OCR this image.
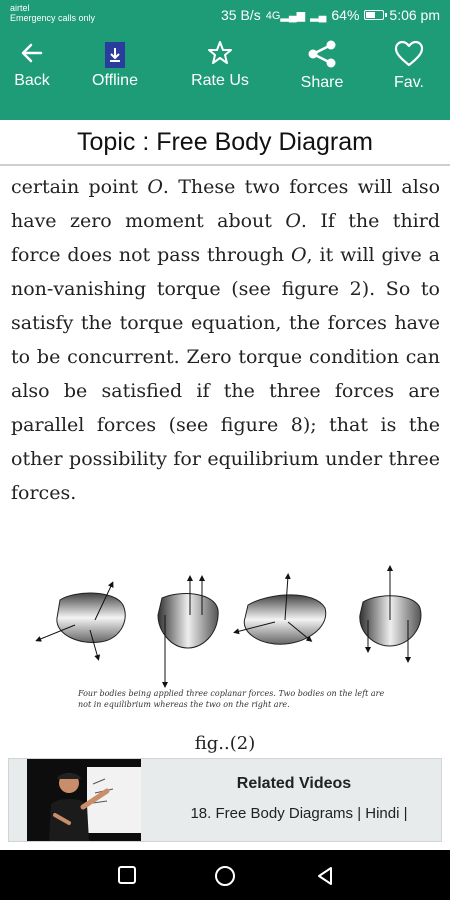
airtel
Emergency calls only	35 B/s 4G▂▄▆ ▂▄ 64% 5:06 pm
Back	Offline	Rate Us	Share	Fav.
Topic : Free Body Diagram

certain point O. These two forces will also have zero moment about O. If the third force does not pass through O, it will give a non-vanishing torque (see figure 2). So to satisfy the torque equation, the forces have to be concurrent. Zero torque condition can also be satisfied if the three forces are parallel forces (see figure 8); that is the other possibility for equilibrium under three forces.

Four bodies being applied three coplanar forces. Two bodies on the left are not in equilibrium whereas the two on the right are.
fig..(2)
Related Videos
18. Free Body Diagrams | Hindi |
